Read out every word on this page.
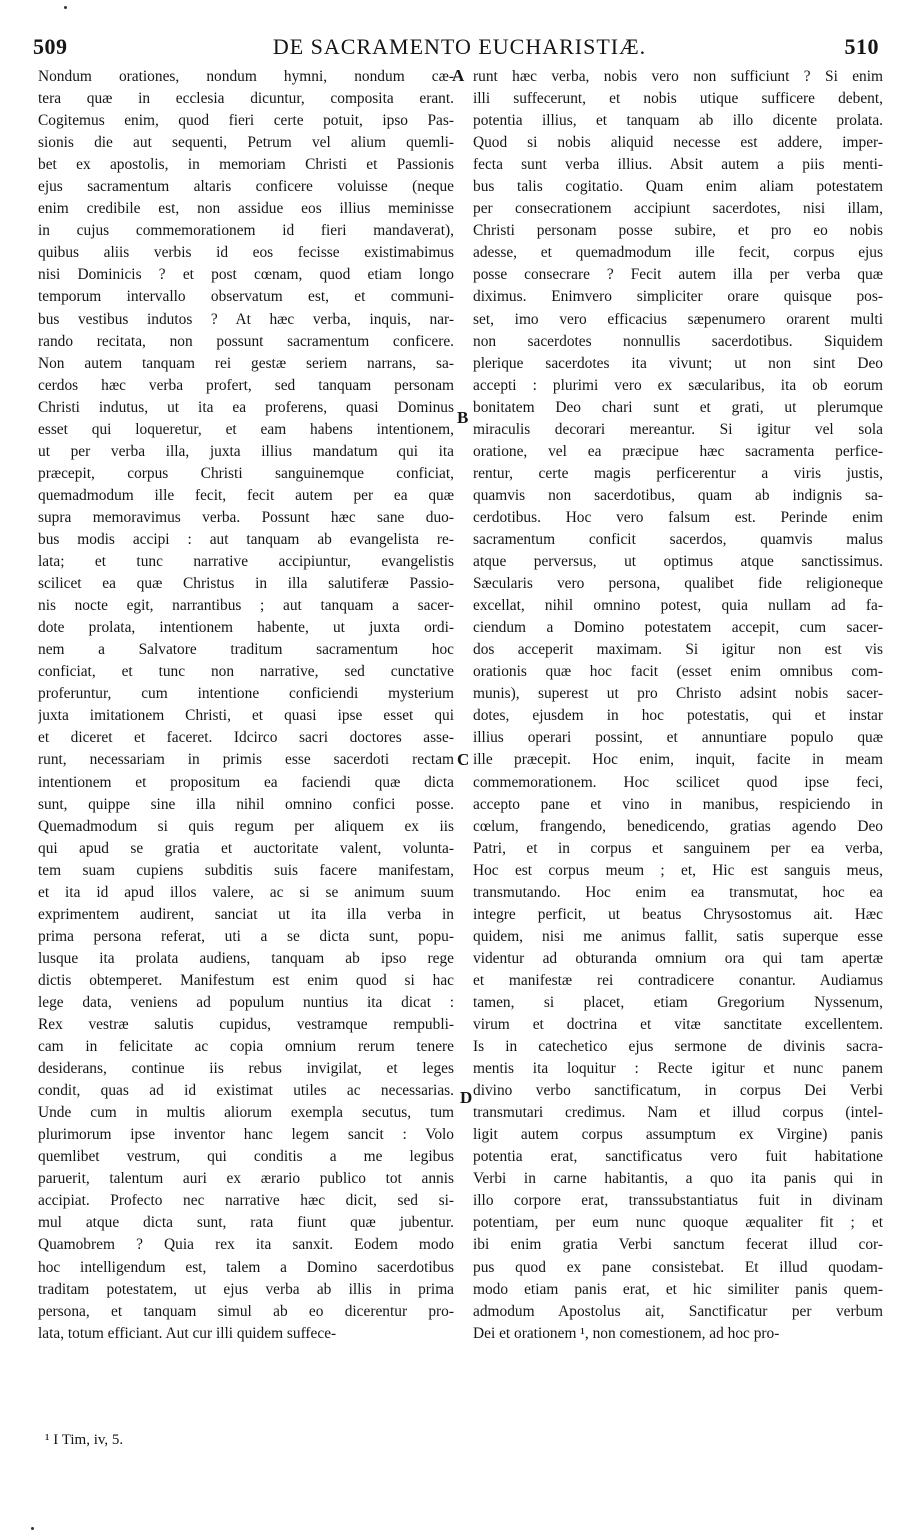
509	DE SACRAMENTO EUCHARISTIÆ.	510
Nondum orationes, nondum hymni, nondum cæ-
tera quæ in ecclesia dicuntur, composita erant.
Cogitemus enim, quod fieri certe potuit, ipso Pas-
sionis die aut sequenti, Petrum vel alium quemli-
bet ex apostolis, in memoriam Christi et Passionis
ejus sacramentum altaris conficere voluisse (neque
enim credibile est, non assidue eos illius meminisse
in cujus commemorationem id fieri mandaverat),
quibus aliis verbis id eos fecisse existimabimus
nisi Dominicis ? et post cœnam, quod etiam longo
temporum intervallo observatum est, et communi-
bus vestibus indutos ? At hæc verba, inquis, nar-
rando recitata, non possunt sacramentum conficere.
Non autem tanquam rei gestæ seriem narrans, sa-
cerdos hæc verba profert, sed tanquam personam
Christi indutus, ut ita ea proferens, quasi Dominus
esset qui loqueretur, et eam habens intentionem,
ut per verba illa, juxta illius mandatum qui ita
præcepit, corpus Christi sanguinemque conficiat,
quemadmodum ille fecit, fecit autem per ea quæ
supra memoravimus verba. Possunt hæc sane duo-
bus modis accipi : aut tanquam ab evangelista re-
lata; et tunc narrative accipiuntur, evangelistis
scilicet ea quæ Christus in illa salutiferæ Passio-
nis nocte egit, narrantibus ; aut tanquam a sacer-
dote prolata, intentionem habente, ut juxta ordi-
nem a Salvatore traditum sacramentum hoc
conficiat, et tunc non narrative, sed cunctative
proferuntur, cum intentione conficiendi mysterium
juxta imitationem Christi, et quasi ipse esset qui
et diceret et faceret. Idcirco sacri doctores asse-
runt, necessariam in primis esse sacerdoti rectam
intentionem et propositum ea faciendi quæ dicta
sunt, quippe sine illa nihil omnino confici posse.
Quemadmodum si quis regum per aliquem ex iis
qui apud se gratia et auctoritate valent, volunta-
tem suam cupiens subditis suis facere manifestam,
et ita id apud illos valere, ac si se animum suum
exprimentem audirent, sanciat ut ita illa verba in
prima persona referat, uti a se dicta sunt, popu-
lusque ita prolata audiens, tanquam ab ipso rege
dictis obtemperet. Manifestum est enim quod si hac
lege data, veniens ad populum nuntius ita dicat :
Rex vestræ salutis cupidus, vestramque rempubli-
cam in felicitate ac copia omnium rerum tenere
desiderans, continue iis rebus invigilat, et leges
condit, quas ad id existimat utiles ac necessarias.
Unde cum in multis aliorum exempla secutus, tum
plurimorum ipse inventor hanc legem sancit : Volo
quemlibet vestrum, qui conditis a me legibus
paruerit, talentum auri ex ærario publico tot annis
accipiat. Profecto nec narrative hæc dicit, sed si-
mul atque dicta sunt, rata fiunt quæ jubentur.
Quamobrem ? Quia rex ita sanxit. Eodem modo
hoc intelligendum est, talem a Domino sacerdotibus
traditam potestatem, ut ejus verba ab illis in prima
persona, et tanquam simul ab eo dicerentur pro-
lata, totum efficiant. Aut cur illi quidem suffece-
runt hæc verba, nobis vero non sufficiunt ? Si enim
illi suffecerunt, et nobis utique sufficere debent,
potentia illius, et tanquam ab illo dicente prolata.
Quod si nobis aliquid necesse est addere, imper-
fecta sunt verba illius. Absit autem a piis menti-
bus talis cogitatio. Quam enim aliam potestatem
per consecrationem accipiunt sacerdotes, nisi illam,
Christi personam posse subire, et pro eo nobis
adesse, et quemadmodum ille fecit, corpus ejus
posse consecrare ? Fecit autem illa per verba quæ
diximus. Enimvero simpliciter orare quisque pos-
set, imo vero efficacius sæpenumero orarent multi
non sacerdotes nonnullis sacerdotibus. Siquidem
plerique sacerdotes ita vivunt; ut non sint Deo
accepti : plurimi vero ex sæcularibus, ita ob eorum
bonitatem Deo chari sunt et grati, ut plerumque
miraculis decorari mereantur. Si igitur vel sola
oratione, vel ea præcipue hæc sacramenta perfice-
rentur, certe magis perficerentur a viris justis,
quamvis non sacerdotibus, quam ab indignis sa-
cerdotibus. Hoc vero falsum est. Perinde enim
sacramentum conficit sacerdos, quamvis malus
atque perversus, ut optimus atque sanctissimus.
Sæcularis vero persona, qualibet fide religioneque
excellat, nihil omnino potest, quia nullam ad fa-
ciendum a Domino potestatem accepit, cum sacer-
dos acceperit maximam. Si igitur non est vis
orationis quæ hoc facit (esset enim omnibus com-
munis), superest ut pro Christo adsint nobis sacer-
dotes, ejusdem in hoc potestatis, qui et instar
illius operari possint, et annuntiare populo quæ
ille præcepit. Hoc enim, inquit, facite in meam
commemorationem. Hoc scilicet quod ipse feci,
accepto pane et vino in manibus, respiciendo in
cœlum, frangendo, benedicendo, gratias agendo Deo
Patri, et in corpus et sanguinem per ea verba,
Hoc est corpus meum ; et, Hic est sanguis meus,
transmutando. Hoc enim ea transmutat, hoc ea
integre perficit, ut beatus Chrysostomus ait. Hæc
quidem, nisi me animus fallit, satis superque esse
videntur ad obturanda omnium ora qui tam apertæ
et manifestæ rei contradicere conantur. Audiamus
tamen, si placet, etiam Gregorium Nyssenum,
virum et doctrina et vitæ sanctitate excellentem.
Is in catechetico ejus sermone de divinis sacra-
mentis ita loquitur : Recte igitur et nunc panem
divino verbo sanctificatum, in corpus Dei Verbi
transmutari credimus. Nam et illud corpus (intel-
ligit autem corpus assumptum ex Virgine) panis
potentia erat, sanctificatus vero fuit habitatione
Verbi in carne habitantis, a quo ita panis qui in
illo corpore erat, transsubstantiatus fuit in divinam
potentiam, per eum nunc quoque æqualiter fit ; et
ibi enim gratia Verbi sanctum fecerat illud cor-
pus quod ex pane consistebat. Et illud quodam-
modo etiam panis erat, et hic similiter panis quem-
admodum Apostolus ait, Sanctificatur per verbum
Dei et orationem ¹, non comestionem, ad hoc pro-
A
B
C
D
¹ I Tim, iv, 5.
